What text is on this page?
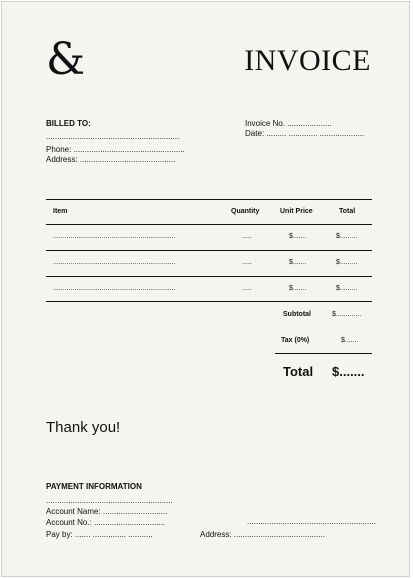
&	INVOICE
BILLED TO:
............................................................
Phone: ..................................................
Address: ...........................................
Invoice No. ....................
Date: ......... ............. ....................
Item	Quantity	Unit Price	Total
...............................................................	.....	$.......	$.........
...............................................................	.....	$.......	$.........
...............................................................	.....	$.......	$.........
Subtotal	$.............
Tax (0%)	$.......
Total $.......
Thank you!
PAYMENT INFORMATION
.........................................................
Account Name: .............................
Account No.: ................................
Pay by: ....... ............... ...........
..........................................................
Address: .........................................
